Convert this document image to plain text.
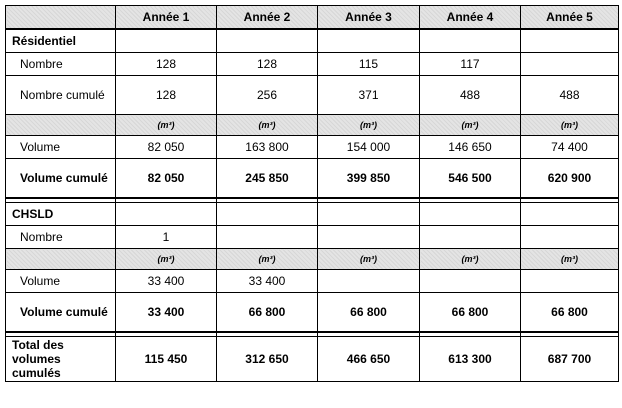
	Année 1	Année 2	Année 3	Année 4	Année 5
Résidentiel					
Nombre	128	128	115	117	
Nombre cumulé	128	256	371	488	488
	(m³)	(m³)	(m³)	(m³)	(m³)
Volume	82 050	163 800	154 000	146 650	74 400
Volume cumulé	82 050	245 850	399 850	546 500	620 900

CHSLD					
Nombre	1				
	(m³)	(m³)	(m³)	(m³)	(m³)
Volume	33 400	33 400			
Volume cumulé	33 400	66 800	66 800	66 800	66 800

Total des volumes cumulés	115 450	312 650	466 650	613 300	687 700
